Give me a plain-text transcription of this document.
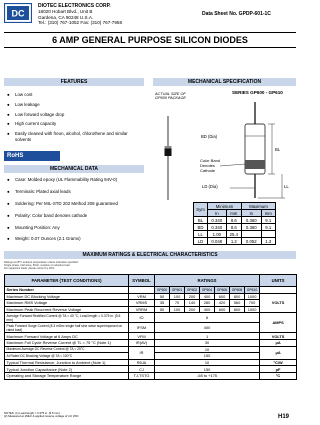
DC
DIOTEC ELECTRONICS CORP.
18020 Hobart Blvd., Unit B
Gardena, CA 90248 U.S.A.
Tel.: (310) 767-1052 Fax: (310) 767-7958
Data Sheet No. GPDP-601-1C
6 AMP GENERAL PURPOSE SILICON DIODES
FEATURES
●	Low cost
●	Low leakage
●	Low forward voltage drop
●	High current capacity
●	Easily cleaned with freon, alcohol, chlorothene and similar solvents
RoHS
MECHANICAL DATA
●	Case: Molded epoxy (UL Flammability Rating 94V-0)
●	Terminals: Plated axial leads
●	Soldering: Per MIL-STD 202 Method 208 guaranteed
●	Polarity: Color band denotes cathode
●	Mounting Position: Any
●	Weight: 0.07 Ounces (2.1 Grams)
MECHANICAL SPECIFICATION
ACTUAL SIZE OF
GP600 PACKAGE
SERIES GP600 - GP610
BD (Dia)
BL
LL
LD (Dia)
Color Band
Denotes
Cathode
Sym	Minimum		Maximum	
	In	mm	In	mm
BL	0.340	8.6	0.360	9.1
BD	0.340	8.6	0.360	9.1
LL	1.00	25.4		
LD	0.048	1.2	0.052	1.3
MAXIMUM RATINGS & ELECTRICAL CHARACTERISTICS
Ratings at 25°C ambient temperature unless otherwise specified.
Single phase, half wave, 60Hz, resistive or inductive load.
For capacitive loads, derate current by 20%.
PARAMETER (TEST CONDITIONS)	SYMBOL	RATINGS							UNITS
Series Number		GP600	GP601	GP602	GP604	GP606	GP608	GP610	
Maximum DC Blocking Voltage	VRM	50	100	200	400	600	800	1000	VOLTS
Maximum RMS Voltage	VRMS	35	70	140	280	420	560	700	
Maximum Peak Recurrent Reverse Voltage	VRRM	50	100	200	400	600	800	1000	
Average Forward Rectified Current @ TA = 40 °C, Lead length = 0.375 in. (9.5 mm)	IO	6							AMPS
Peak Forward Surge Current (8.3 mSec single half sine wave superimposed on rated load)	IFSM	400							
Maximum Forward Voltage at 6 Amps DC	VFM	1							VOLTS
Maximum Full Cycle Reverse Current @ TL = 75 °C (Note 1)	IR(AV)	30							μA
Maximum Average DC Reverse Current @ TA = 25°C	IR	10							μA
At Rated DC Blocking Voltage @ TA = 100°C		150							
Typical Thermal Resistance, Junction to Ambient (Note 1)	RθJA	10							°C/W
Typical Junction Capacitance (Note 2)	CJ	150							pF
Operating and Storage Temperature Range	TJ,TSTG	-65 to +175							°C
NOTES: (1) Lead length = 0.375 in. (9.5 mm)
(2) Measured at 1MHz & applied reverse voltage of 4.0 VDC	H19
